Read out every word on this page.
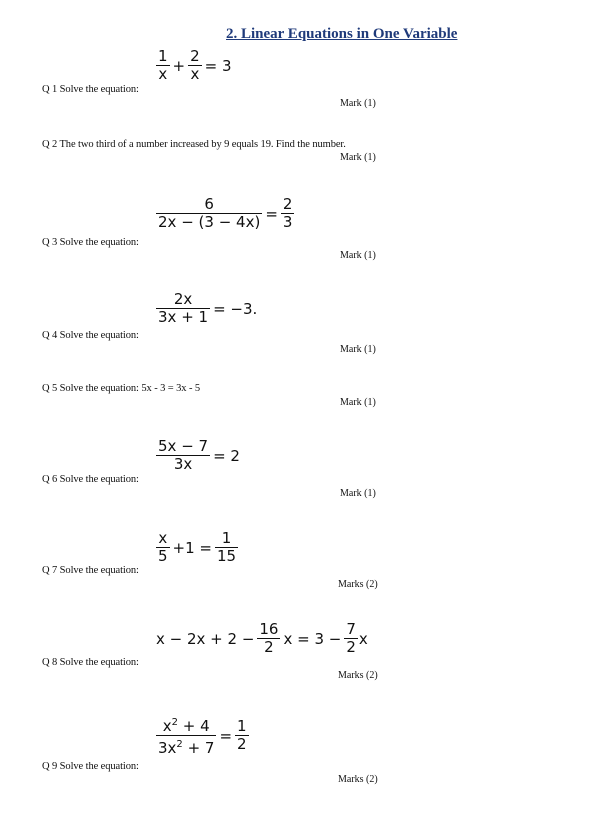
2. Linear Equations in One Variable
$\frac{1}{x} + \frac{2}{x} = 3$
Q 1 Solve the equation:
Mark (1)
Q 2 The two third of a number increased by 9 equals 19. Find the number.
Mark (1)
$\frac{6}{2x - (3 - 4x)} = \frac{2}{3}$
Q 3 Solve the equation:
Mark (1)
$\frac{2x}{3x + 1} = -3$.
Q 4 Solve the equation:
Mark (1)
Q 5 Solve the equation: 5x - 3 = 3x - 5
Mark (1)
$\frac{5x - 7}{3x} = 2$
Q 6 Solve the equation:
Mark (1)
$\frac{x}{5} +1 = \frac{1}{15}$
Q 7 Solve the equation:
Marks (2)
$x - 2x + 2 - \frac{16}{2}$ $x = 3 - \frac{7}{2}$ x
Q 8 Solve the equation:
Marks (2)
$\frac{x^2 + 4}{3x^2 + 7} = \frac{1}{2}$
Q 9 Solve the equation:
Marks (2)
